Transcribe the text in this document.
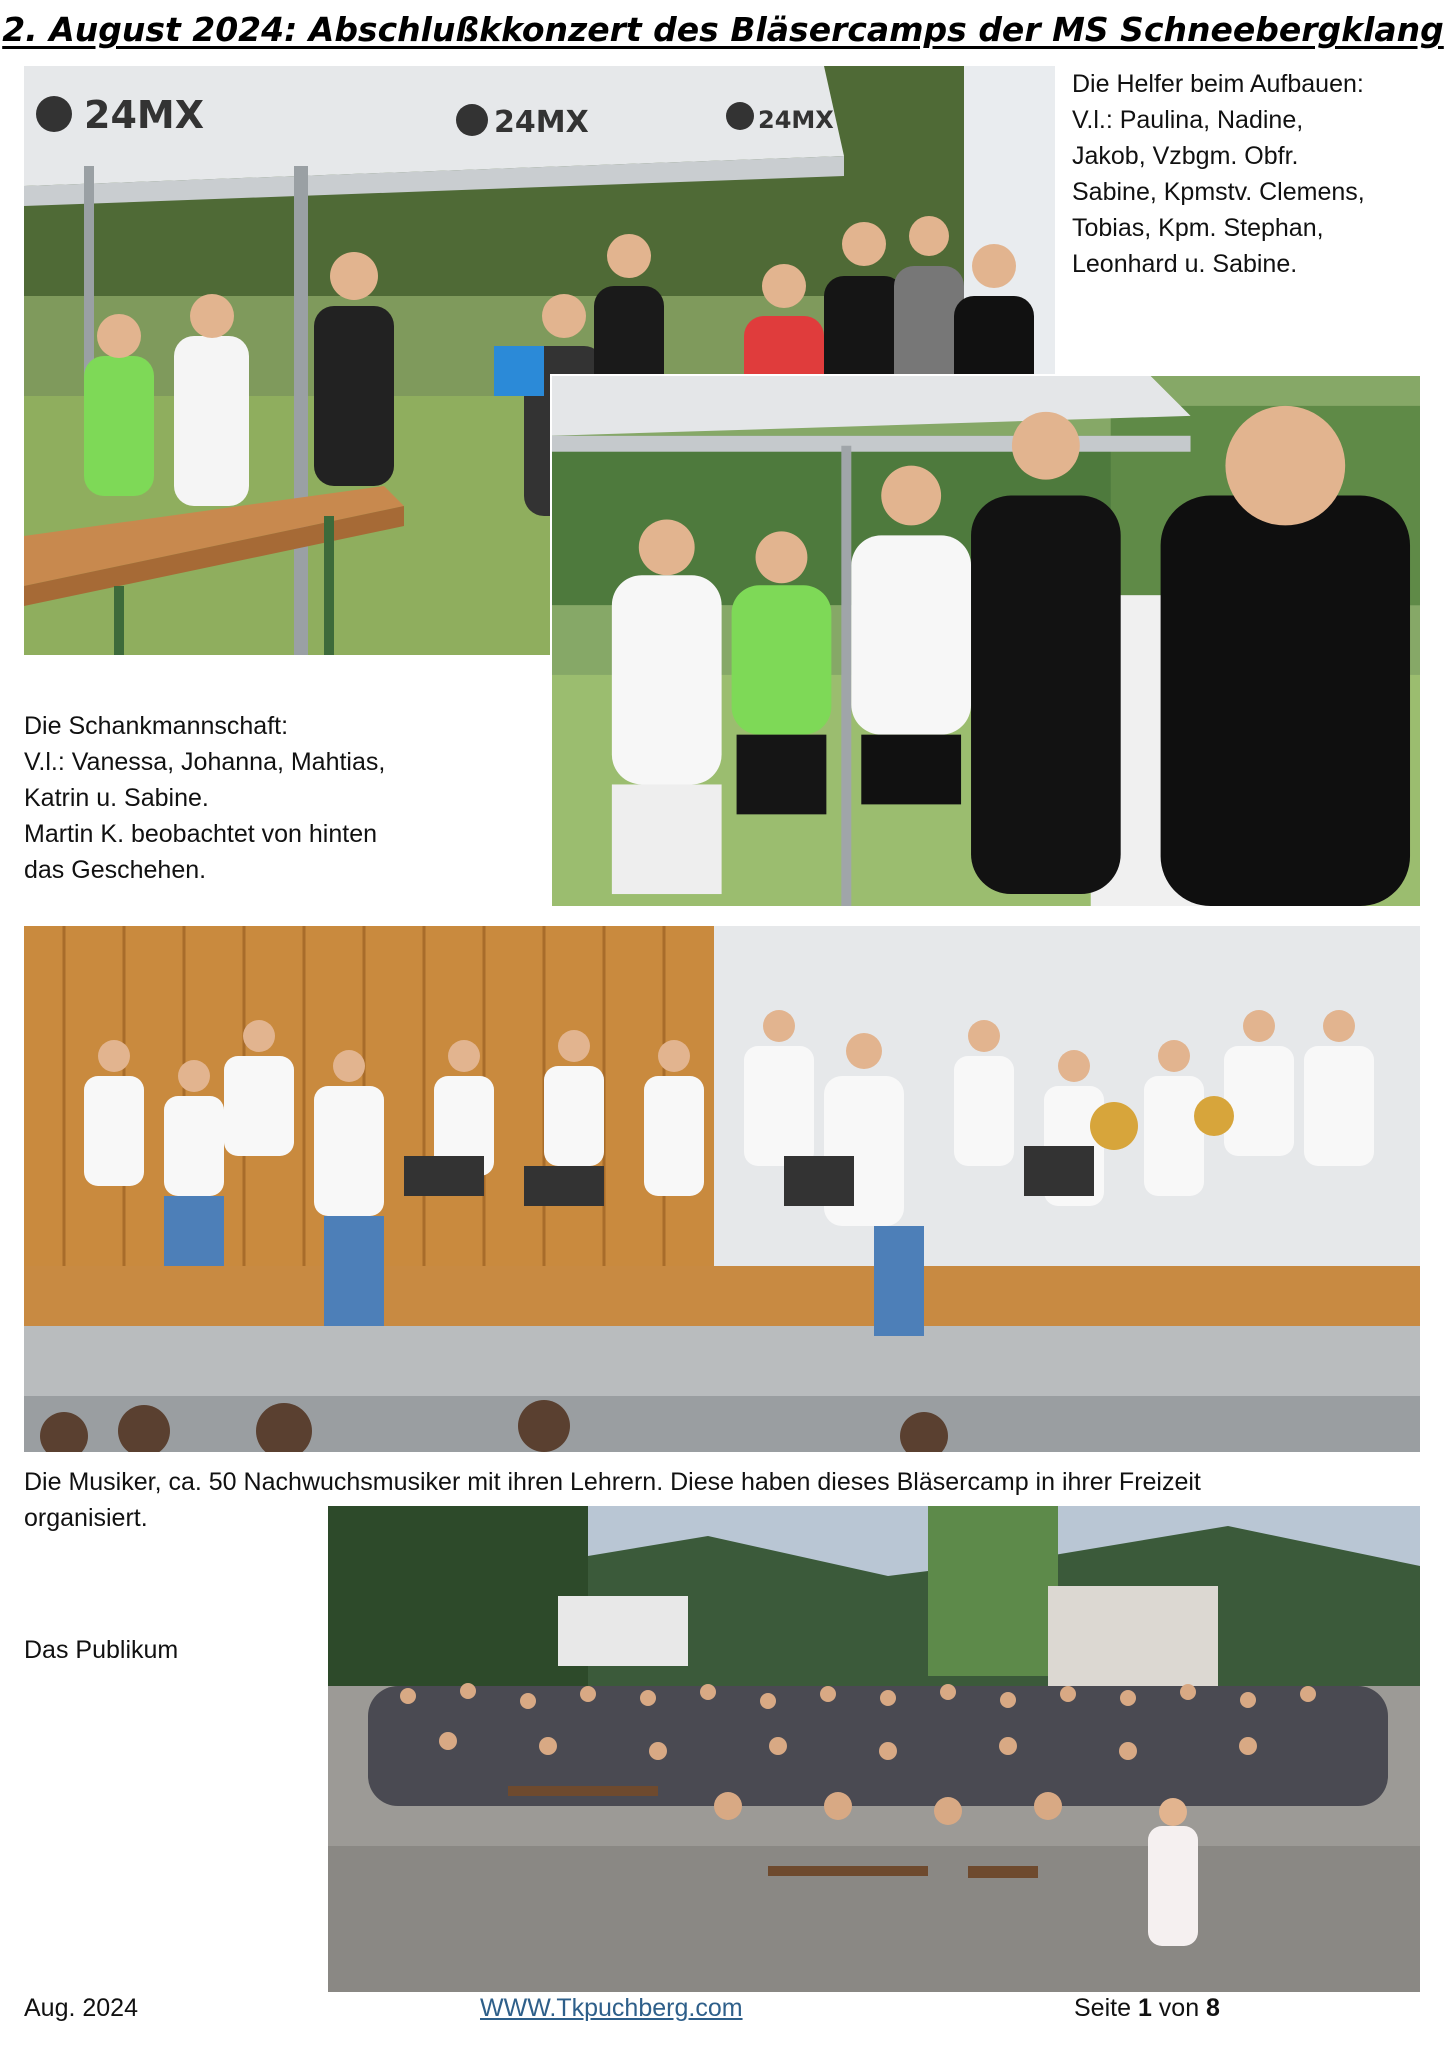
2. August 2024: Abschlußkkonzert des Bläsercamps der MS Schneebergklang
24MX	24MX	24MX

Die Helfer beim Aufbauen:

V.l.: Paulina, Nadine,

Jakob, Vzbgm. Obfr.

Sabine, Kpmstv. Clemens,

Tobias, Kpm. Stephan,

Leonhard u. Sabine.

Die Schankmannschaft:

V.l.: Vanessa, Johanna, Mahtias,

Katrin u. Sabine.

Martin K. beobachtet von hinten

das Geschehen.

Die Musiker, ca. 50 Nachwuchsmusiker mit ihren Lehrern. Diese haben dieses Bläsercamp in ihrer Freizeit

organisiert.

Das Publikum
Aug. 2024	WWW.Tkpuchberg.com	Seite 1 von 8
